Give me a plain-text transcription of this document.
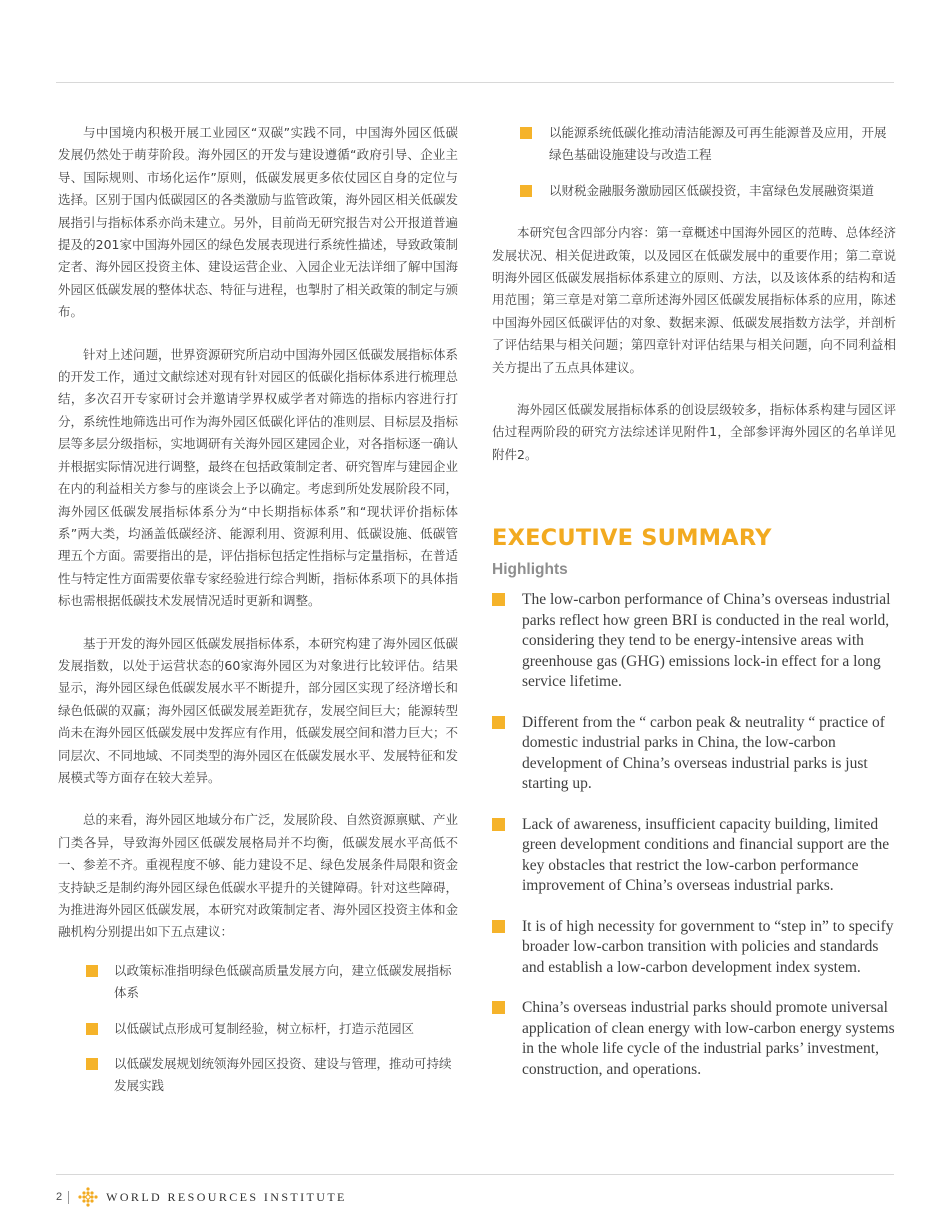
与中国境内积极开展工业园区“双碳”实践不同，中国海外园区低碳发展仍然处于萌芽阶段。海外园区的开发与建设遵循“政府引导、企业主导、国际规则、市场化运作”原则，低碳发展更多依仗园区自身的定位与选择。区别于国内低碳园区的各类激励与监管政策，海外园区相关低碳发展指引与指标体系亦尚未建立。另外，目前尚无研究报告对公开报道普遍提及的201家中国海外园区的绿色发展表现进行系统性描述，导致政策制定者、海外园区投资主体、建设运营企业、入园企业无法详细了解中国海外园区低碳发展的整体状态、特征与进程，也掣肘了相关政策的制定与颁布。

针对上述问题，世界资源研究所启动中国海外园区低碳发展指标体系的开发工作，通过文献综述对现有针对园区的低碳化指标体系进行梳理总结，多次召开专家研讨会并邀请学界权威学者对筛选的指标内容进行打分，系统性地筛选出可作为海外园区低碳化评估的准则层、目标层及指标层等多层分级指标，实地调研有关海外园区建园企业，对各指标逐一确认并根据实际情况进行调整，最终在包括政策制定者、研究智库与建园企业在内的利益相关方参与的座谈会上予以确定。考虑到所处发展阶段不同，海外园区低碳发展指标体系分为“中长期指标体系”和“现状评价指标体系”两大类，均涵盖低碳经济、能源利用、资源利用、低碳设施、低碳管理五个方面。需要指出的是，评估指标包括定性指标与定量指标，在普适性与特定性方面需要依靠专家经验进行综合判断，指标体系项下的具体指标也需根据低碳技术发展情况适时更新和调整。

基于开发的海外园区低碳发展指标体系，本研究构建了海外园区低碳发展指数，以处于运营状态的60家海外园区为对象进行比较评估。结果显示，海外园区绿色低碳发展水平不断提升，部分园区实现了经济增长和绿色低碳的双赢；海外园区低碳发展差距犹存，发展空间巨大；能源转型尚未在海外园区低碳发展中发挥应有作用，低碳发展空间和潜力巨大；不同层次、不同地域、不同类型的海外园区在低碳发展水平、发展特征和发展模式等方面存在较大差异。

总的来看，海外园区地域分布广泛，发展阶段、自然资源禀赋、产业门类各异，导致海外园区低碳发展格局并不均衡，低碳发展水平高低不一、参差不齐。重视程度不够、能力建设不足、绿色发展条件局限和资金支持缺乏是制约海外园区绿色低碳水平提升的关键障碍。针对这些障碍，为推进海外园区低碳发展，本研究对政策制定者、海外园区投资主体和金融机构分别提出如下五点建议：

以政策标准指明绿色低碳高质量发展方向，建立低碳发展指标体系
以低碳试点形成可复制经验，树立标杆，打造示范园区
以低碳发展规划统领海外园区投资、建设与管理，推动可持续发展实践
以能源系统低碳化推动清洁能源及可再生能源普及应用，开展绿色基础设施建设与改造工程
以财税金融服务激励园区低碳投资，丰富绿色发展融资渠道

本研究包含四部分内容：第一章概述中国海外园区的范畴、总体经济发展状况、相关促进政策，以及园区在低碳发展中的重要作用；第二章说明海外园区低碳发展指标体系建立的原则、方法，以及该体系的结构和适用范围；第三章是对第二章所述海外园区低碳发展指标体系的应用，陈述中国海外园区低碳评估的对象、数据来源、低碳发展指数方法学，并剖析了评估结果与相关问题；第四章针对评估结果与相关问题，向不同利益相关方提出了五点具体建议。

海外园区低碳发展指标体系的创设层级较多，指标体系构建与园区评估过程两阶段的研究方法综述详见附件1，全部参评海外园区的名单详见附件2。

EXECUTIVE SUMMARY
Highlights
The low-carbon performance of China’s overseas industrial parks reflect how green BRI is conducted in the real world, considering they tend to be energy-intensive areas with greenhouse gas (GHG) emissions lock-in effect for a long service lifetime.
Different from the “ carbon peak & neutrality “ practice of domestic industrial parks in China, the low-carbon development of China’s overseas industrial parks is just starting up.
Lack of awareness, insufficient capacity building, limited green development conditions and financial support are the key obstacles that restrict the low-carbon performance improvement of China’s overseas industrial parks.
It is of high necessity for government to “step in” to specify broader low-carbon transition with policies and standards and establish a low-carbon development index system.
China’s overseas industrial parks should promote universal application of clean energy with low-carbon energy systems in the whole life cycle of the industrial parks’ investment, construction, and operations.
2	WORLD RESOURCES INSTITUTE
